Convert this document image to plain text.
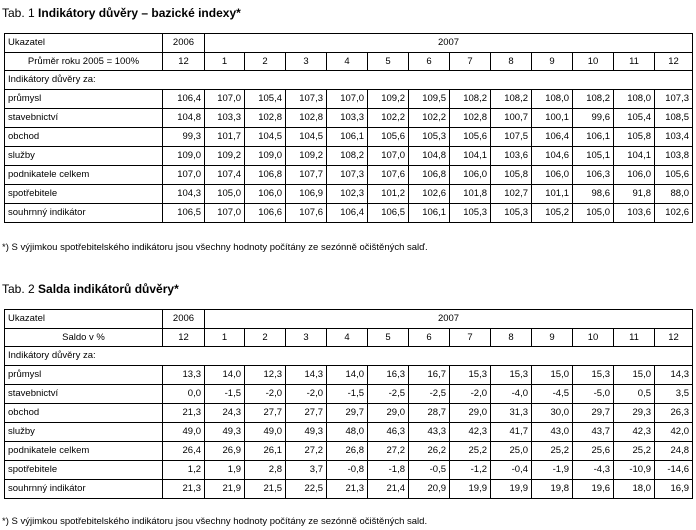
Tab. 1 Indikátory důvěry – bazické indexy*
Ukazatel	2006	2007											
Průměr roku 2005 = 100%	12	1	2	3	4	5	6	7	8	9	10	11	12
Indikátory důvěry za:													
průmysl	106,4	107,0	105,4	107,3	107,0	109,2	109,5	108,2	108,2	108,0	108,2	108,0	107,3
stavebnictví	104,8	103,3	102,8	102,8	103,3	102,2	102,2	102,8	100,7	100,1	99,6	105,4	108,5
obchod	99,3	101,7	104,5	104,5	106,1	105,6	105,3	105,6	107,5	106,4	106,1	105,8	103,4
služby	109,0	109,2	109,0	109,2	108,2	107,0	104,8	104,1	103,6	104,6	105,1	104,1	103,8
podnikatele celkem	107,0	107,4	106,8	107,7	107,3	107,6	106,8	106,0	105,8	106,0	106,3	106,0	105,6
spotřebitele	104,3	105,0	106,0	106,9	102,3	101,2	102,6	101,8	102,7	101,1	98,6	91,8	88,0
souhrnný indikátor	106,5	107,0	106,6	107,6	106,4	106,5	106,1	105,3	105,3	105,2	105,0	103,6	102,6
*) S výjimkou spotřebitelského indikátoru jsou všechny hodnoty počítány ze sezónně očištěných salď.
Tab. 2 Salda indikátorů důvěry*
Ukazatel	2006	2007											
Saldo v %	12	1	2	3	4	5	6	7	8	9	10	11	12
Indikátory důvěry za:													
průmysl	13,3	14,0	12,3	14,3	14,0	16,3	16,7	15,3	15,3	15,0	15,3	15,0	14,3
stavebnictví	0,0	-1,5	-2,0	-2,0	-1,5	-2,5	-2,5	-2,0	-4,0	-4,5	-5,0	0,5	3,5
obchod	21,3	24,3	27,7	27,7	29,7	29,0	28,7	29,0	31,3	30,0	29,7	29,3	26,3
služby	49,0	49,3	49,0	49,3	48,0	46,3	43,3	42,3	41,7	43,0	43,7	42,3	42,0
podnikatele celkem	26,4	26,9	26,1	27,2	26,8	27,2	26,2	25,2	25,0	25,2	25,6	25,2	24,8
spotřebitele	1,2	1,9	2,8	3,7	-0,8	-1,8	-0,5	-1,2	-0,4	-1,9	-4,3	-10,9	-14,6
souhrnný indikátor	21,3	21,9	21,5	22,5	21,3	21,4	20,9	19,9	19,9	19,8	19,6	18,0	16,9
*) S výjimkou spotřebitelského indikátoru jsou všechny hodnoty počítány ze sezónně očištěných sald.
